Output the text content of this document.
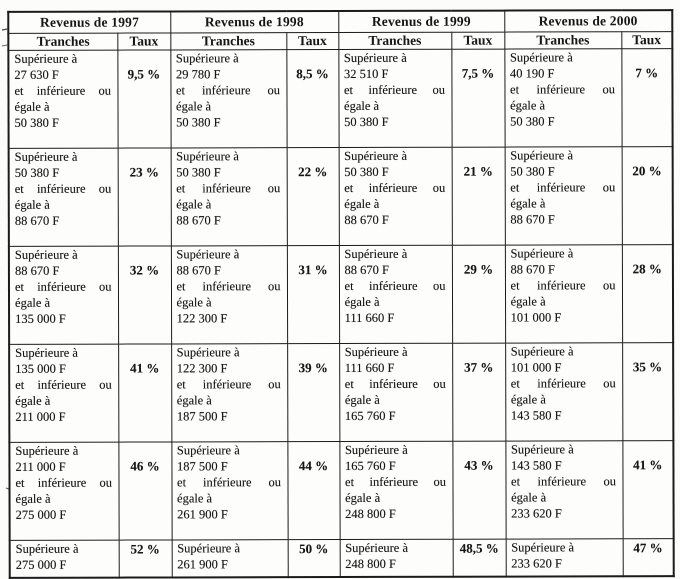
Revenus de 1997		Revenus de 1998		Revenus de 1999		Revenus de 2000	
Tranches	Taux	Tranches	Taux	Tranches	Taux	Tranches	Taux

Supérieure à
27 630 F
et inférieure ou
égale à
50 380 F
	9,5 %	
Supérieure à
29 780 F
et inférieure ou
égale à
50 380 F
	8,5 %	
Supérieure à
32 510 F
et inférieure ou
égale à
50 380 F
	7,5 %	
Supérieure à
40 190 F
et inférieure ou
égale à
50 380 F
	7 %

Supérieure à
50 380 F
et inférieure ou
égale à
88 670 F
	23 %	
Supérieure à
50 380 F
et inférieure ou
égale à
88 670 F
	22 %	
Supérieure à
50 380 F
et inférieure ou
égale à
88 670 F
	21 %	
Supérieure à
50 380 F
et inférieure ou
égale à
88 670 F
	20 %

Supérieure à
88 670 F
et inférieure ou
égale à
135 000 F
	32 %	
Supérieure à
88 670 F
et inférieure ou
égale à
122 300 F
	31 %	
Supérieure à
88 670 F
et inférieure ou
égale à
111 660 F
	29 %	
Supérieure à
88 670 F
et inférieure ou
égale à
101 000 F
	28 %

Supérieure à
135 000 F
et inférieure ou
égale à
211 000 F
	41 %	
Supérieure à
122 300 F
et inférieure ou
égale à
187 500 F
	39 %	
Supérieure à
111 660 F
et inférieure ou
égale à
165 760 F
	37 %	
Supérieure à
101 000 F
et inférieure ou
égale à
143 580 F
	35 %

Supérieure à
211 000 F
et inférieure ou
égale à
275 000 F
	46 %	
Supérieure à
187 500 F
et inférieure ou
égale à
261 900 F
	44 %	
Supérieure à
165 760 F
et inférieure ou
égale à
248 800 F
	43 %	
Supérieure à
143 580 F
et inférieure ou
égale à
233 620 F
	41 %

Supérieure à
275 000 F
	52 %	Supérieure à
261 900 F
	50 %	Supérieure à
248 800 F
	48,5 %	Supérieure à
233 620 F
	47 %
